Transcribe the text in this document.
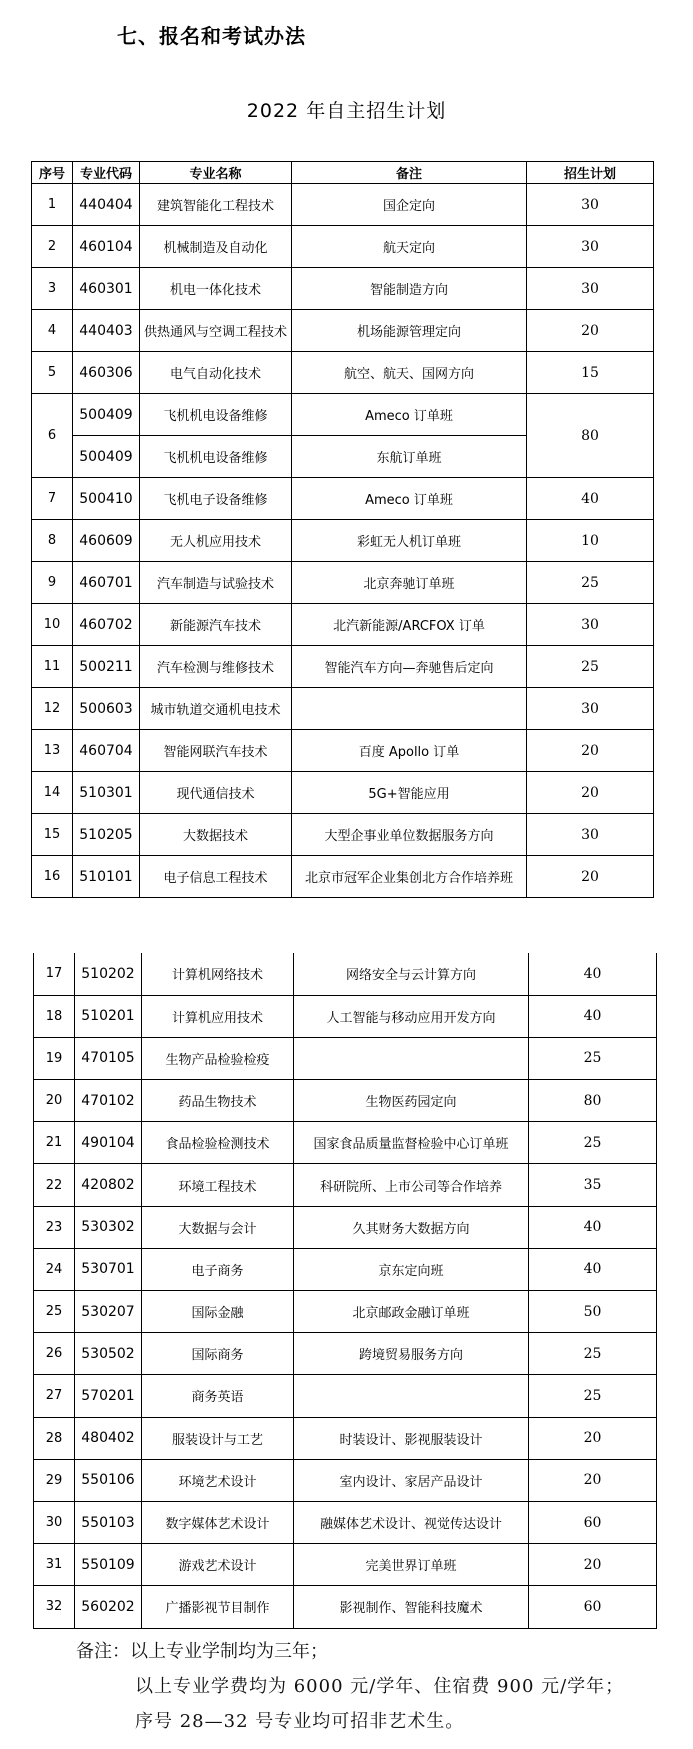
七、报名和考试办法
2022 年自主招生计划
序号	专业代码	专业名称	备注	招生计划
1	440404	建筑智能化工程技术	国企定向	30
2	460104	机械制造及自动化	航天定向	30
3	460301	机电一体化技术	智能制造方向	30
4	440403	供热通风与空调工程技术	机场能源管理定向	20
5	460306	电气自动化技术	航空、航天、国网方向	15
6	500409	飞机机电设备维修	Ameco 订单班	80
	500409	飞机机电设备维修	东航订单班	
7	500410	飞机电子设备维修	Ameco 订单班	40
8	460609	无人机应用技术	彩虹无人机订单班	10
9	460701	汽车制造与试验技术	北京奔驰订单班	25
10	460702	新能源汽车技术	北汽新能源/ARCFOX 订单	30
11	500211	汽车检测与维修技术	智能汽车方向—奔驰售后定向	25
12	500603	城市轨道交通机电技术		30
13	460704	智能网联汽车技术	百度 Apollo 订单	20
14	510301	现代通信技术	5G+智能应用	20
15	510205	大数据技术	大型企事业单位数据服务方向	30
16	510101	电子信息工程技术	北京市冠军企业集创北方合作培养班	20
17	510202	计算机网络技术	网络安全与云计算方向	40
18	510201	计算机应用技术	人工智能与移动应用开发方向	40
19	470105	生物产品检验检疫		25
20	470102	药品生物技术	生物医药园定向	80
21	490104	食品检验检测技术	国家食品质量监督检验中心订单班	25
22	420802	环境工程技术	科研院所、上市公司等合作培养	35
23	530302	大数据与会计	久其财务大数据方向	40
24	530701	电子商务	京东定向班	40
25	530207	国际金融	北京邮政金融订单班	50
26	530502	国际商务	跨境贸易服务方向	25
27	570201	商务英语		25
28	480402	服装设计与工艺	时装设计、影视服装设计	20
29	550106	环境艺术设计	室内设计、家居产品设计	20
30	550103	数字媒体艺术设计	融媒体艺术设计、视觉传达设计	60
31	550109	游戏艺术设计	完美世界订单班	20
32	560202	广播影视节目制作	影视制作、智能科技魔术	60
备注：以上专业学制均为三年；
以上专业学费均为 6000 元/学年、住宿费 900 元/学年；
序号 28—32 号专业均可招非艺术生。
